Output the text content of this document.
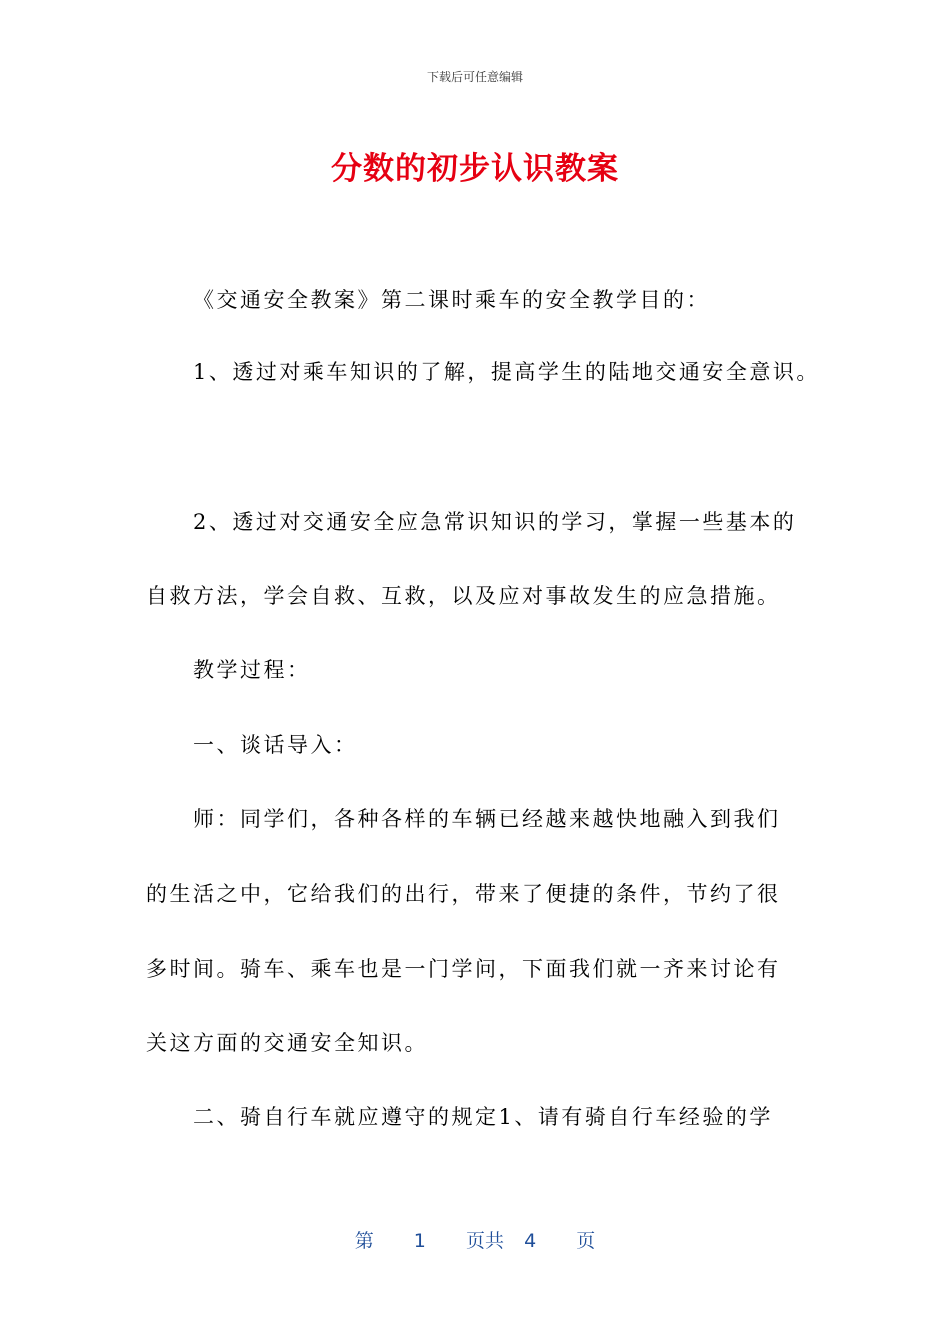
下载后可任意编辑
分数的初步认识教案
《交通安全教案》第二课时乘车的安全教学目的：
1、透过对乘车知识的了解，提高学生的陆地交通安全意识。
2、透过对交通安全应急常识知识的学习，掌握一些基本的
自救方法，学会自救、互救，以及应对事故发生的应急措施。
教学过程：
一、谈话导入：
师：同学们，各种各样的车辆已经越来越快地融入到我们
的生活之中，它给我们的出行，带来了便捷的条件，节约了很
多时间。骑车、乘车也是一门学问，下面我们就一齐来讨论有
关这方面的交通安全知识。
二、骑自行车就应遵守的规定1、请有骑自行车经验的学
第 1 页共 4 页
